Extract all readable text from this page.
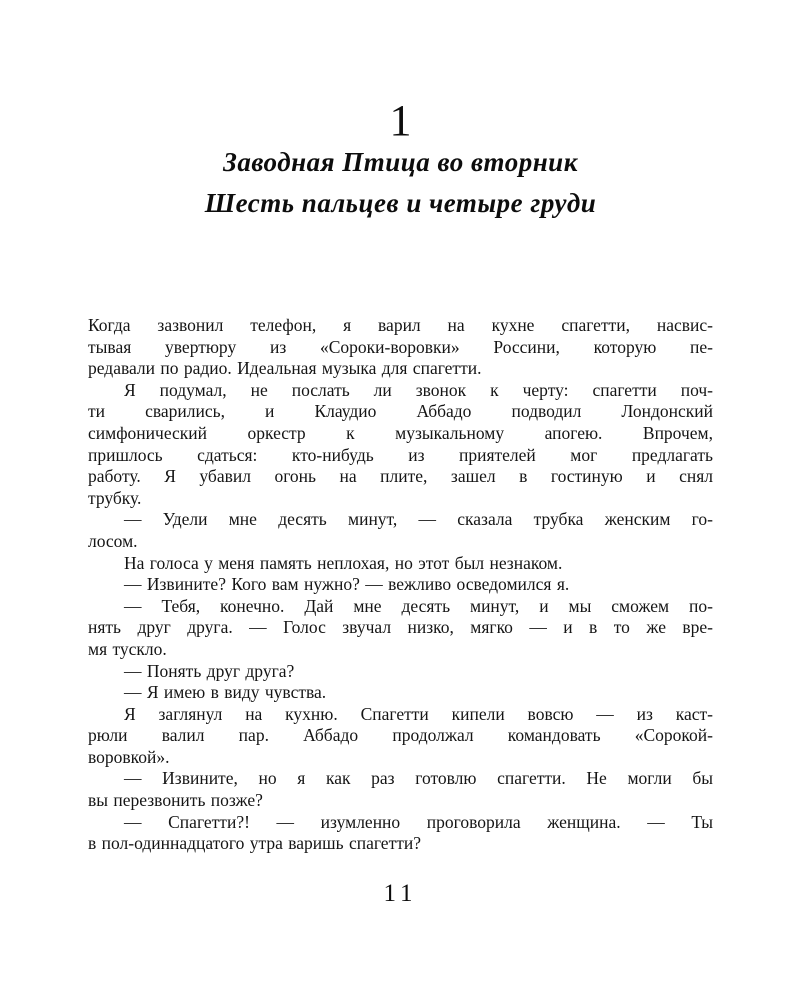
1
Заводная Птица во вторник
Шесть пальцев и четыре груди
Когда зазвонил телефон, я варил на кухне спагетти, насвис-
тывая увертюру из «Сороки-воровки» Россини, которую пе-
редавали по радио. Идеальная музыка для спагетти.
Я подумал, не послать ли звонок к черту: спагетти поч-
ти сварились, и Клаудио Аббадо подводил Лондонский
симфонический оркестр к музыкальному апогею. Впрочем,
пришлось сдаться: кто-нибудь из приятелей мог предлагать
работу. Я убавил огонь на плите, зашел в гостиную и снял
трубку.
— Удели мне десять минут, — сказала трубка женским го-
лосом.
На голоса у меня память неплохая, но этот был незнаком.
— Извините? Кого вам нужно? — вежливо осведомился я.
— Тебя, конечно. Дай мне десять минут, и мы сможем по-
нять друг друга. — Голос звучал низко, мягко — и в то же вре-
мя тускло.
— Понять друг друга?
— Я имею в виду чувства.
Я заглянул на кухню. Спагетти кипели вовсю — из каст-
рюли валил пар. Аббадо продолжал командовать «Сорокой-
воровкой».
— Извините, но я как раз готовлю спагетти. Не могли бы
вы перезвонить позже?
— Спагетти?! — изумленно проговорила женщина. — Ты
в пол-одиннадцатого утра варишь спагетти?
11
